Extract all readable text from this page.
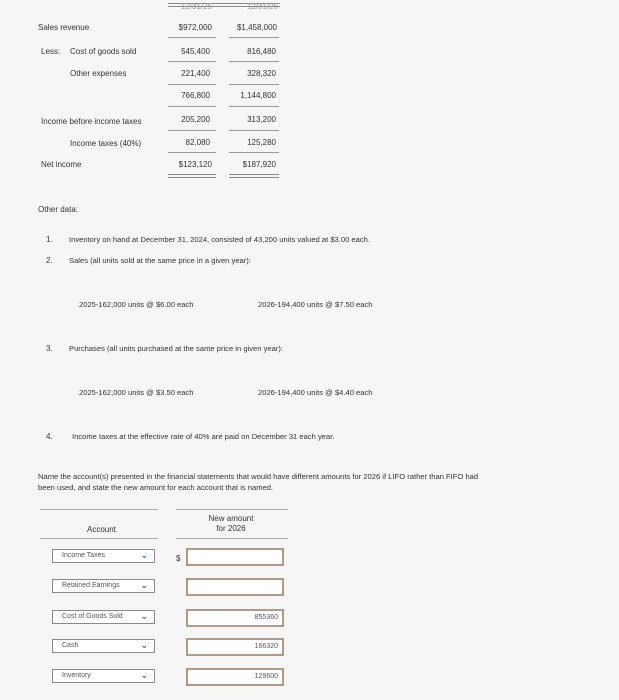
12/31/25	12/31/26
Sales revenue	$972,000	$1,458,000
Less: Cost of goods sold	545,400	816,480
Other expenses	221,400	328,320
766,800	1,144,800
Income before income taxes	205,200	313,200
Income taxes (40%)	82,080	125,280
Net income	$123,120	$187,920
Other data:
1. Inventory on hand at December 31, 2024, consisted of 43,200 units valued at $3.00 each.
2. Sales (all units sold at the same price in a given year):
2025-162,000 units @ $6.00 each	2026-194,400 units @ $7.50 each
3. Purchases (all units purchased at the same price in given year):
2025-162,000 units @ $3.50 each	2026-194,400 units @ $4.40 each
4.	Income taxes at the effective rate of 40% are paid on December 31 each year.
Name the account(s) presented in the financial statements that would have different amounts for 2026 if LIFO rather than FIFO had
been used, and state the new amount for each account that is named.
Account
New amount
for 2026
Income Taxes	⌄	$
Retained Earnings ⌄
Cost of Goods Sold ⌄	855360
Cash	⌄	166320
Inventory	⌄	129600
